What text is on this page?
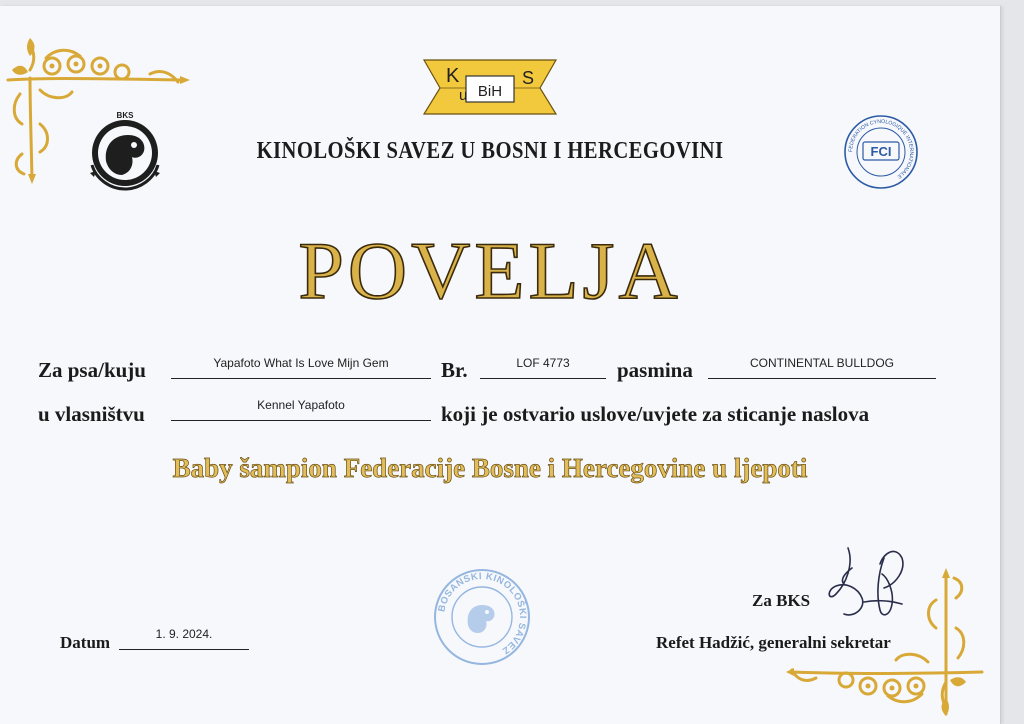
BKS
K
u BiH
S
FEDERATION CYNOLOGIQUE INTERNATIONALE
FCI
KINOLOŠKI SAVEZ U BOSNI I HERCEGOVINI
POVELJA
Za psa/kuju	Yapafoto What Is Love Mijn Gem	Br.	LOF 4773	pasmina	CONTINENTAL BULLDOG
u vlasništvu	Kennel Yapafoto	koji je ostvario uslove/uvjete za sticanje naslova
Baby šampion Federacije Bosne i Hercegovine u ljepoti
BOSANSKI KINOLOŠKI SAVEZ
Za BKS
Refet Hadžić, generalni sekretar
Datum	1. 9. 2024.
